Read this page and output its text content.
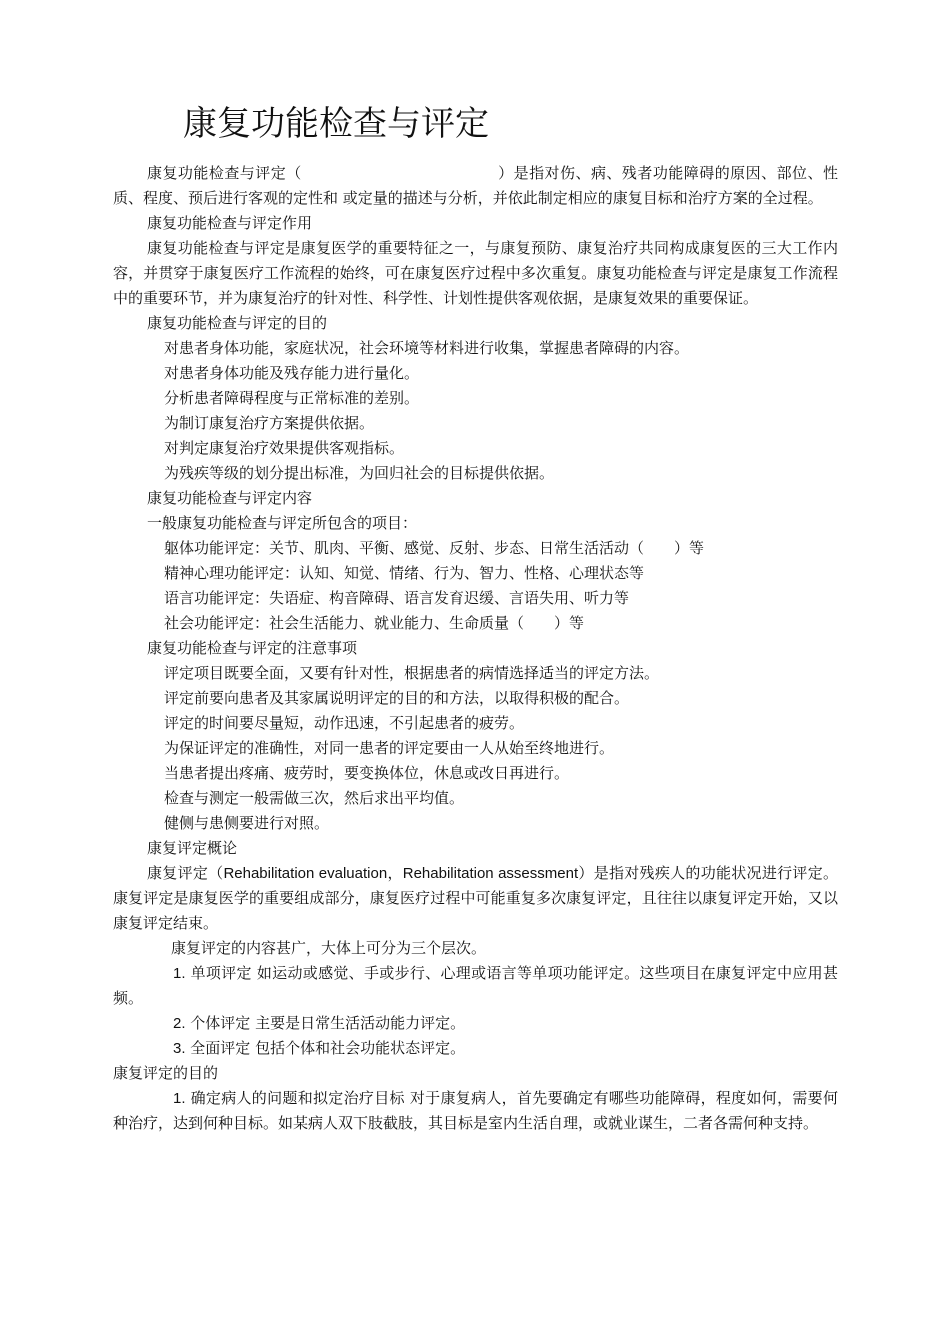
康复功能检查与评定

康复功能检查与评定（	）是指对伤、病、残者功能障碍的原因、部位、性质、程度、预后进行客观的定性和 或定量的描述与分析，并依此制定相应的康复目标和治疗方案的全过程。

康复功能检查与评定作用

康复功能检查与评定是康复医学的重要特征之一，与康复预防、康复治疗共同构成康复医的三大工作内容，并贯穿于康复医疗工作流程的始终，可在康复医疗过程中多次重复。康复功能检查与评定是康复工作流程中的重要环节，并为康复治疗的针对性、科学性、计划性提供客观依据，是康复效果的重要保证。

康复功能检查与评定的目的

对患者身体功能，家庭状况，社会环境等材料进行收集，掌握患者障碍的内容。

对患者身体功能及残存能力进行量化。

分析患者障碍程度与正常标准的差别。

为制订康复治疗方案提供依据。

对判定康复治疗效果提供客观指标。

为残疾等级的划分提出标准，为回归社会的目标提供依据。

康复功能检查与评定内容

一般康复功能检查与评定所包含的项目：

躯体功能评定：关节、肌肉、平衡、感觉、反射、步态、日常生活活动（　　）等

精神心理功能评定：认知、知觉、情绪、行为、智力、性格、心理状态等

语言功能评定：失语症、构音障碍、语言发育迟缓、言语失用、听力等

社会功能评定：社会生活能力、就业能力、生命质量（　　）等

康复功能检查与评定的注意事项

评定项目既要全面，又要有针对性，根据患者的病情选择适当的评定方法。

评定前要向患者及其家属说明评定的目的和方法，以取得积极的配合。

评定的时间要尽量短，动作迅速，不引起患者的疲劳。

为保证评定的准确性，对同一患者的评定要由一人从始至终地进行。

当患者提出疼痛、疲劳时，要变换体位，休息或改日再进行。

检查与测定一般需做三次，然后求出平均值。

健侧与患侧要进行对照。

康复评定概论

康复评定（Rehabilitation evaluation，Rehabilitation assessment）是指对残疾人的功能状况进行评定。康复评定是康复医学的重要组成部分，康复医疗过程中可能重复多次康复评定，且往往以康复评定开始，又以康复评定结束。

康复评定的内容甚广，大体上可分为三个层次。

1. 单项评定 如运动或感觉、手或步行、心理或语言等单项功能评定。这些项目在康复评定中应用甚频。

2. 个体评定 主要是日常生活活动能力评定。

3. 全面评定 包括个体和社会功能状态评定。

康复评定的目的

1. 确定病人的问题和拟定治疗目标 对于康复病人，首先要确定有哪些功能障碍，程度如何，需要何种治疗，达到何种目标。如某病人双下肢截肢，其目标是室内生活自理，或就业谋生，二者各需何种支持。
